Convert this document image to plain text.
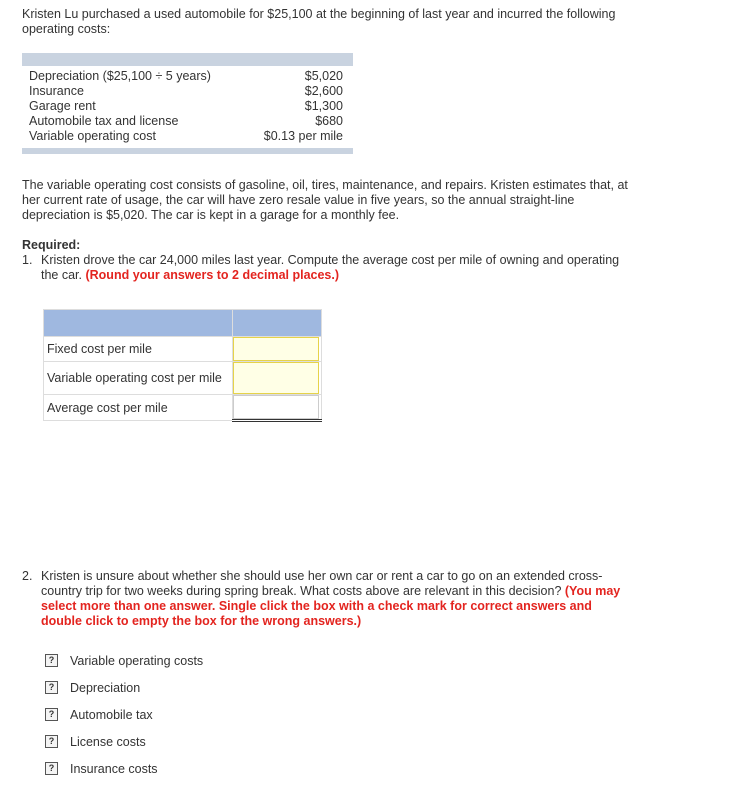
Kristen Lu purchased a used automobile for $25,100 at the beginning of last year and incurred the following operating costs:
Depreciation ($25,100 ÷ 5 years)	$5,020
Insurance	$2,600
Garage rent	$1,300
Automobile tax and license	$680
Variable operating cost	$0.13 per mile
The variable operating cost consists of gasoline, oil, tires, maintenance, and repairs. Kristen estimates that, at her current rate of usage, the car will have zero resale value in five years, so the annual straight-line depreciation is $5,020. The car is kept in a garage for a monthly fee.
Required:
1. Kristen drove the car 24,000 miles last year. Compute the average cost per mile of owning and operating the car. (Round your answers to 2 decimal places.)

Fixed cost per mile	

Variable operating cost per mile	

Average cost per mile	
2. Kristen is unsure about whether she should use her own car or rent a car to go on an extended cross-country trip for two weeks during spring break. What costs above are relevant in this decision? (You may select more than one answer. Single click the box with a check mark for correct answers and double click to empty the box for the wrong answers.)
?	Variable operating costs
?	Depreciation
?	Automobile tax
?	License costs
?	Insurance costs
